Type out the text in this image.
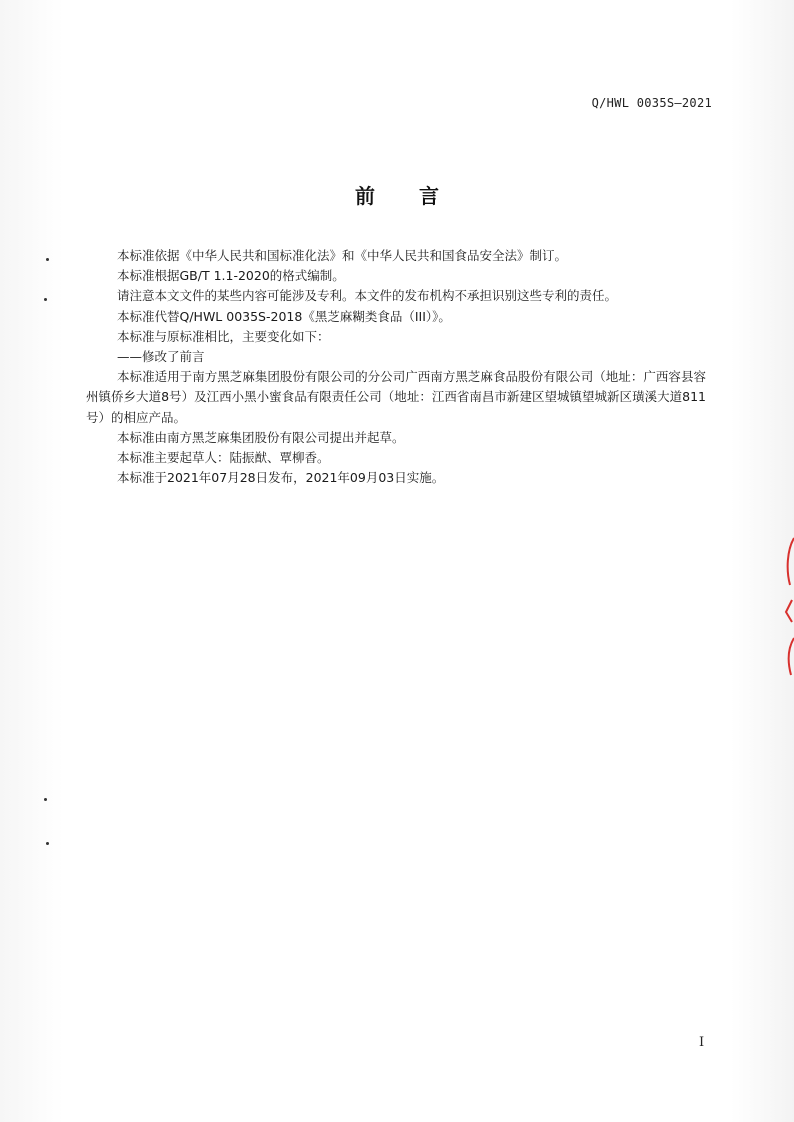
Q/HWL 0035S—2021
前言

本标准依据《中华人民共和国标准化法》和《中华人民共和国食品安全法》制订。

本标准根据GB/T 1.1-2020的格式编制。

请注意本文文件的某些内容可能涉及专利。本文件的发布机构不承担识别这些专利的责任。

本标准代替Q/HWL 0035S-2018《黑芝麻糊类食品（III）》。

本标准与原标准相比，主要变化如下：

——修改了前言

本标准适用于南方黑芝麻集团股份有限公司的分公司广西南方黑芝麻食品股份有限公司（地址：广西容县容州镇侨乡大道8号）及江西小黑小蜜食品有限责任公司（地址：江西省南昌市新建区望城镇望城新区璜溪大道811号）的相应产品。

本标准由南方黑芝麻集团股份有限公司提出并起草。

本标准主要起草人：陆振猷、覃柳香。

本标准于2021年07月28日发布，2021年09月03日实施。

I
